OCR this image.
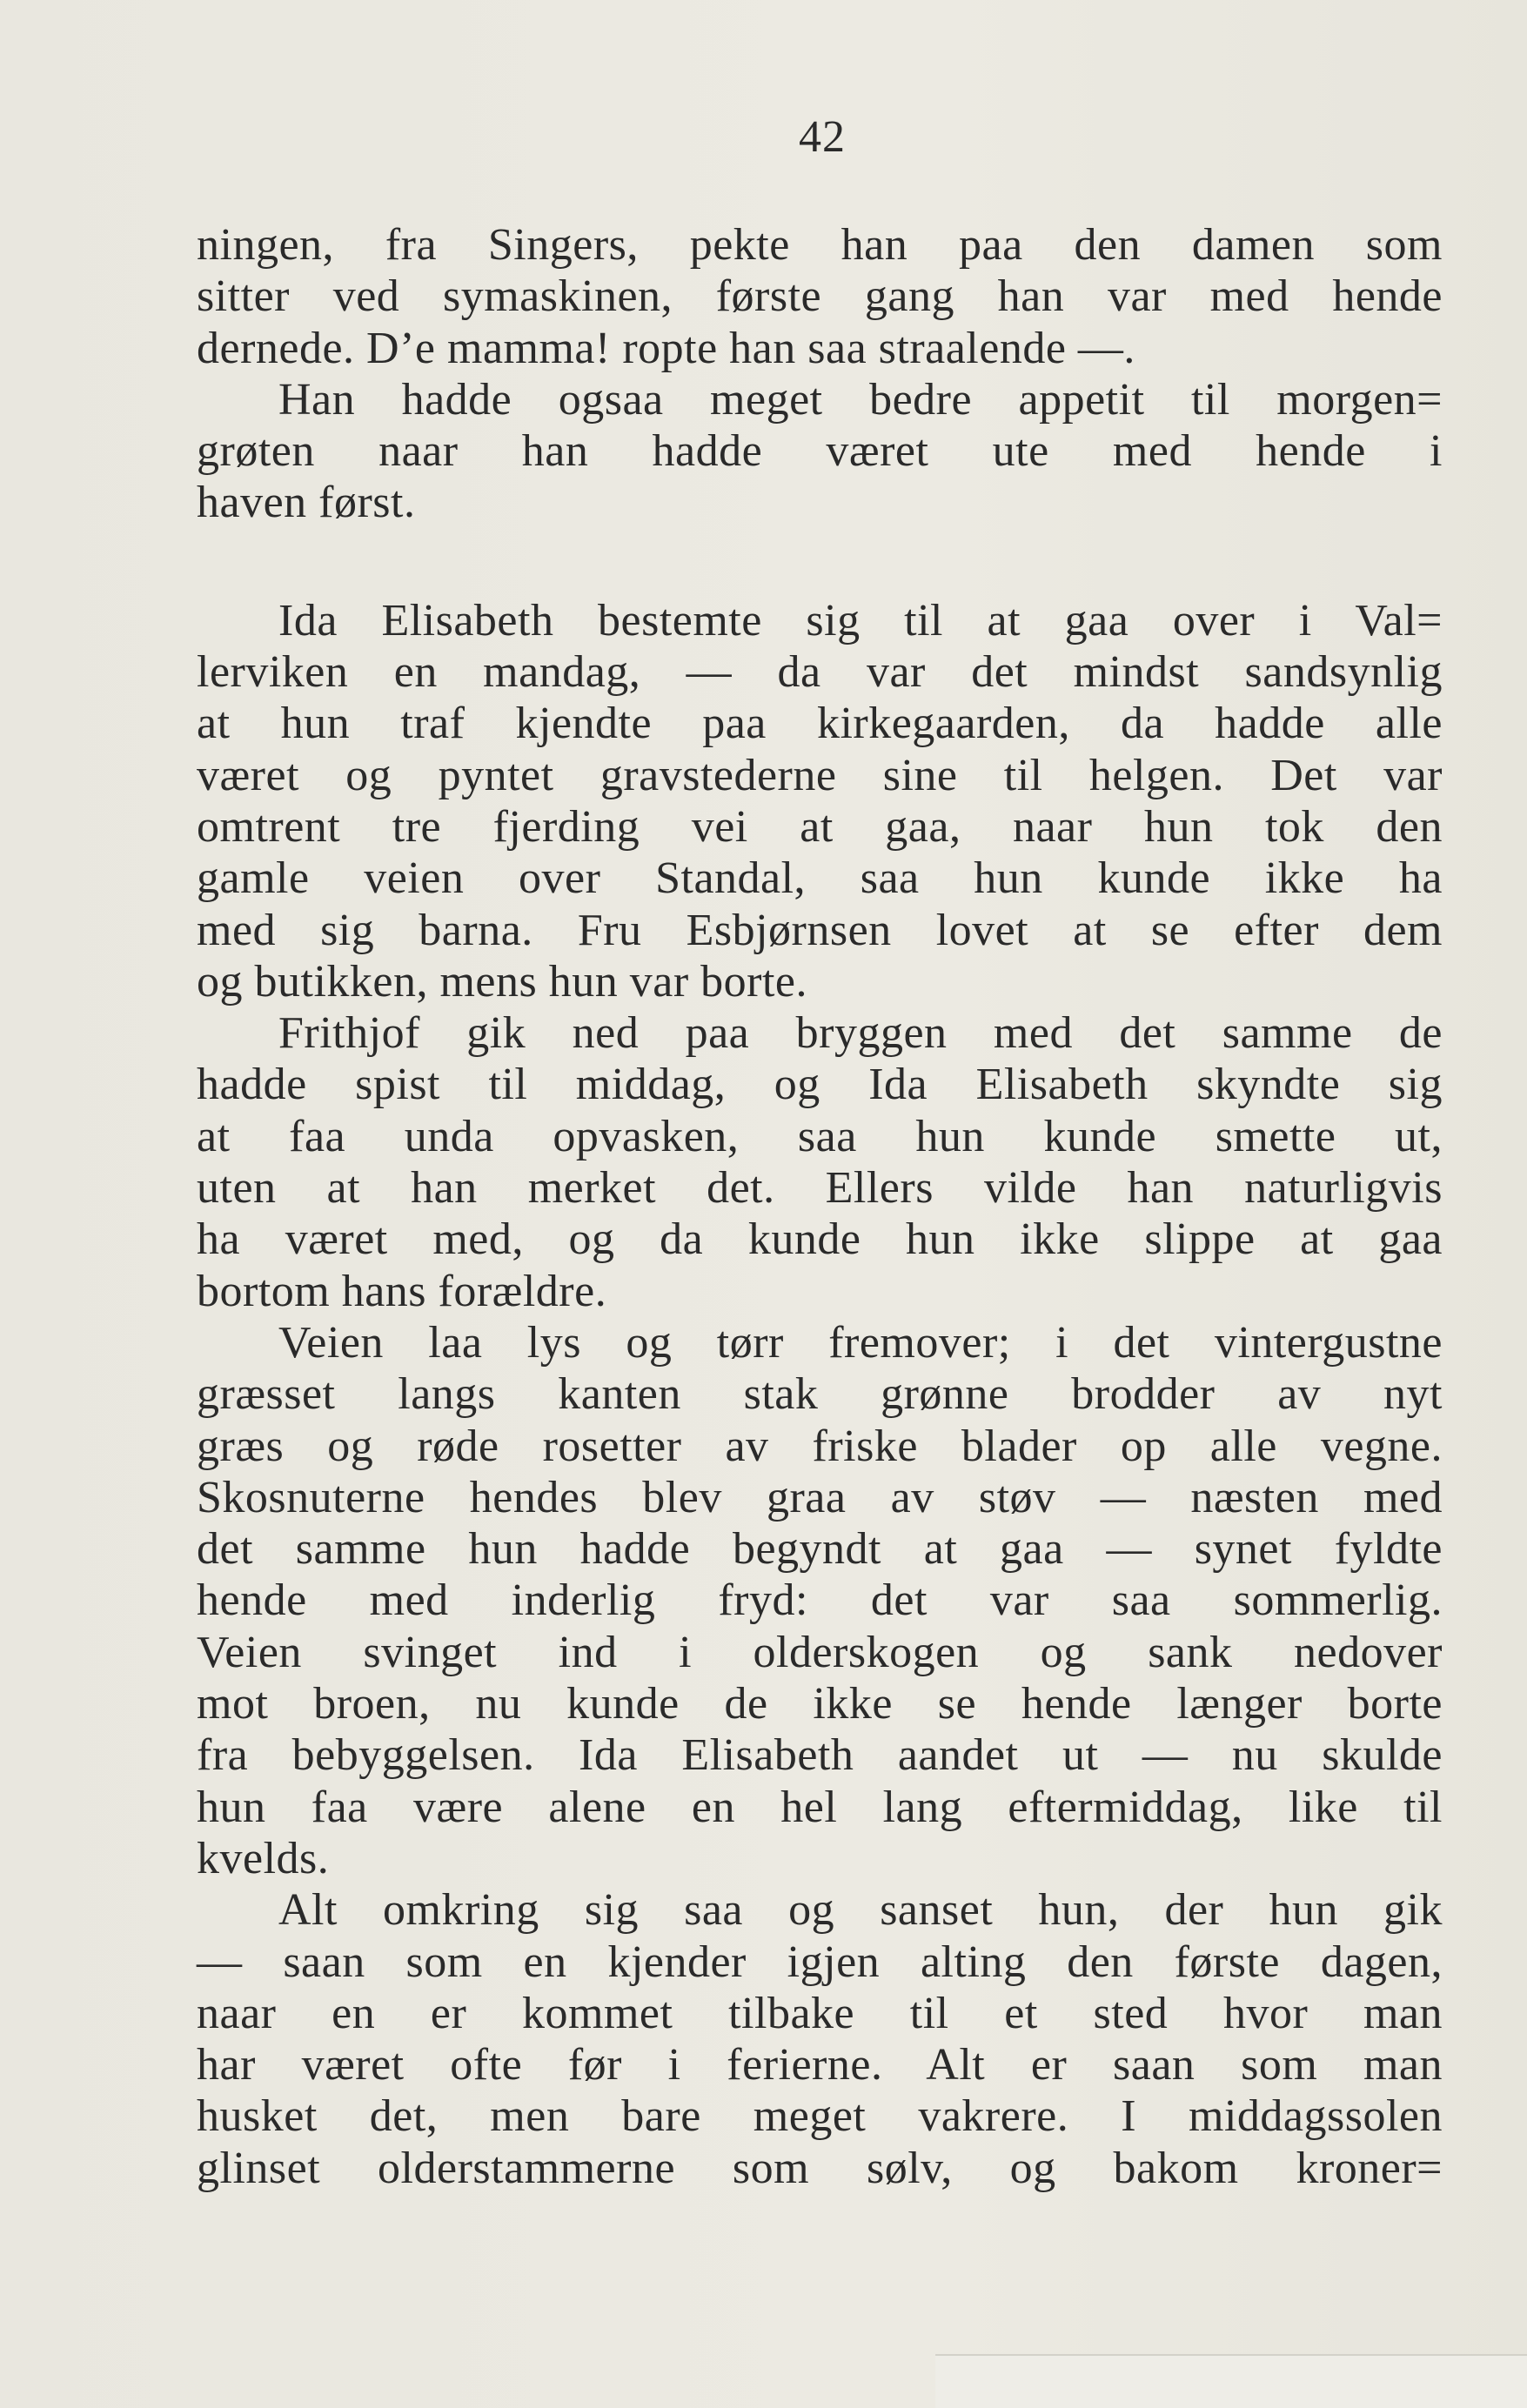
42

ningen, fra Singers, pekte han paa den damen som
sitter ved symaskinen, første gang han var med hende
dernede. D’e mamma! ropte han saa straalende —.

Han hadde ogsaa meget bedre appetit til morgen=
grøten naar han hadde været ute med hende i
haven først.

Ida Elisabeth bestemte sig til at gaa over i Val=
lerviken en mandag, — da var det mindst sandsynlig
at hun traf kjendte paa kirkegaarden, da hadde alle
været og pyntet gravstederne sine til helgen. Det var
omtrent tre fjerding vei at gaa, naar hun tok den
gamle veien over Standal, saa hun kunde ikke ha
med sig barna. Fru Esbjørnsen lovet at se efter dem
og butikken, mens hun var borte.

Frithjof gik ned paa bryggen med det samme de
hadde spist til middag, og Ida Elisabeth skyndte sig
at faa unda opvasken, saa hun kunde smette ut,
uten at han merket det. Ellers vilde han naturligvis
ha været med, og da kunde hun ikke slippe at gaa
bortom hans forældre.

Veien laa lys og tørr fremover; i det vintergustne
græsset langs kanten stak grønne brodder av nyt
græs og røde rosetter av friske blader op alle vegne.
Skosnuterne hendes blev graa av støv — næsten med
det samme hun hadde begyndt at gaa — synet fyldte
hende med inderlig fryd: det var saa sommerlig.
Veien svinget ind i olderskogen og sank nedover
mot broen, nu kunde de ikke se hende længer borte
fra bebyggelsen. Ida Elisabeth aandet ut — nu skulde
hun faa være alene en hel lang eftermiddag, like til
kvelds.

Alt omkring sig saa og sanset hun, der hun gik
— saan som en kjender igjen alting den første dagen,
naar en er kommet tilbake til et sted hvor man
har været ofte før i ferierne. Alt er saan som man
husket det, men bare meget vakrere. I middagssolen
glinset olderstammerne som sølv, og bakom kroner=
